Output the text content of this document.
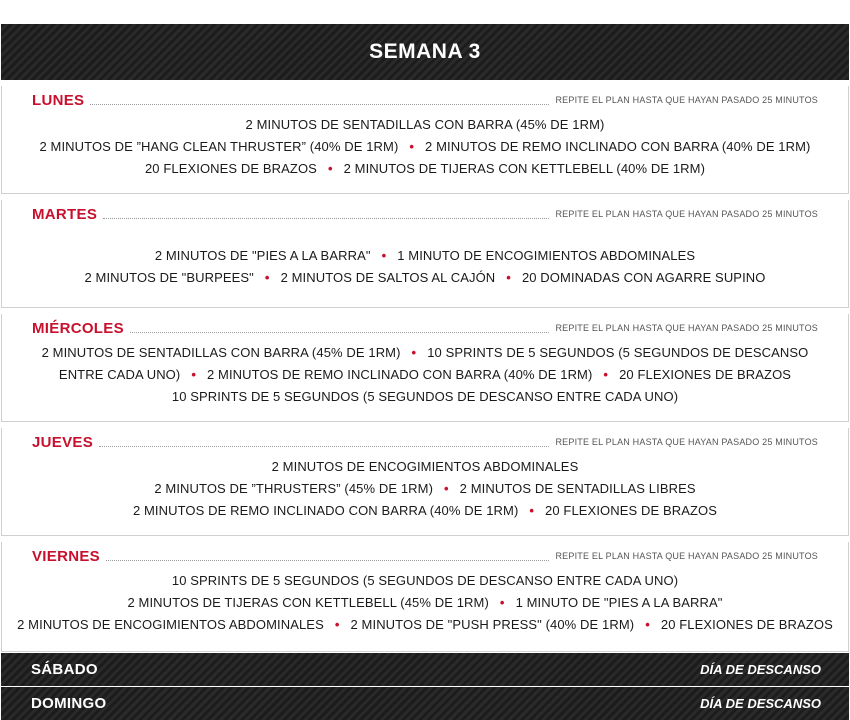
SEMANA 3
LUNES	REPITE EL PLAN HASTA QUE HAYAN PASADO 25 MINUTOS
2 MINUTOS DE SENTADILLAS CON BARRA (45% DE 1RM)
2 MINUTOS DE ”HANG CLEAN THRUSTER” (40% DE 1RM) • 2 MINUTOS DE REMO INCLINADO CON BARRA (40% DE 1RM)
20 FLEXIONES DE BRAZOS • 2 MINUTOS DE TIJERAS CON KETTLEBELL (40% DE 1RM)
MARTES	REPITE EL PLAN HASTA QUE HAYAN PASADO 25 MINUTOS
2 MINUTOS DE "PIES A LA BARRA" • 1 MINUTO DE ENCOGIMIENTOS ABDOMINALES
2 MINUTOS DE "BURPEES" • 2 MINUTOS DE SALTOS AL CAJÓN • 20 DOMINADAS CON AGARRE SUPINO
MIÉRCOLES	REPITE EL PLAN HASTA QUE HAYAN PASADO 25 MINUTOS
2 MINUTOS DE SENTADILLAS CON BARRA (45% DE 1RM) • 10 SPRINTS DE 5 SEGUNDOS (5 SEGUNDOS DE DESCANSO
ENTRE CADA UNO) • 2 MINUTOS DE REMO INCLINADO CON BARRA (40% DE 1RM) • 20 FLEXIONES DE BRAZOS
10 SPRINTS DE 5 SEGUNDOS (5 SEGUNDOS DE DESCANSO ENTRE CADA UNO)
JUEVES	REPITE EL PLAN HASTA QUE HAYAN PASADO 25 MINUTOS
2 MINUTOS DE ENCOGIMIENTOS ABDOMINALES
2 MINUTOS DE ”THRUSTERS” (45% DE 1RM) • 2 MINUTOS DE SENTADILLAS LIBRES
2 MINUTOS DE REMO INCLINADO CON BARRA (40% DE 1RM) • 20 FLEXIONES DE BRAZOS
VIERNES	REPITE EL PLAN HASTA QUE HAYAN PASADO 25 MINUTOS
10 SPRINTS DE 5 SEGUNDOS (5 SEGUNDOS DE DESCANSO ENTRE CADA UNO)
2 MINUTOS DE TIJERAS CON KETTLEBELL (45% DE 1RM) • 1 MINUTO DE "PIES A LA BARRA"
2 MINUTOS DE ENCOGIMIENTOS ABDOMINALES • 2 MINUTOS DE "PUSH PRESS" (40% DE 1RM) • 20 FLEXIONES DE BRAZOS
SÁBADO	DÍA DE DESCANSO
DOMINGO	DÍA DE DESCANSO
